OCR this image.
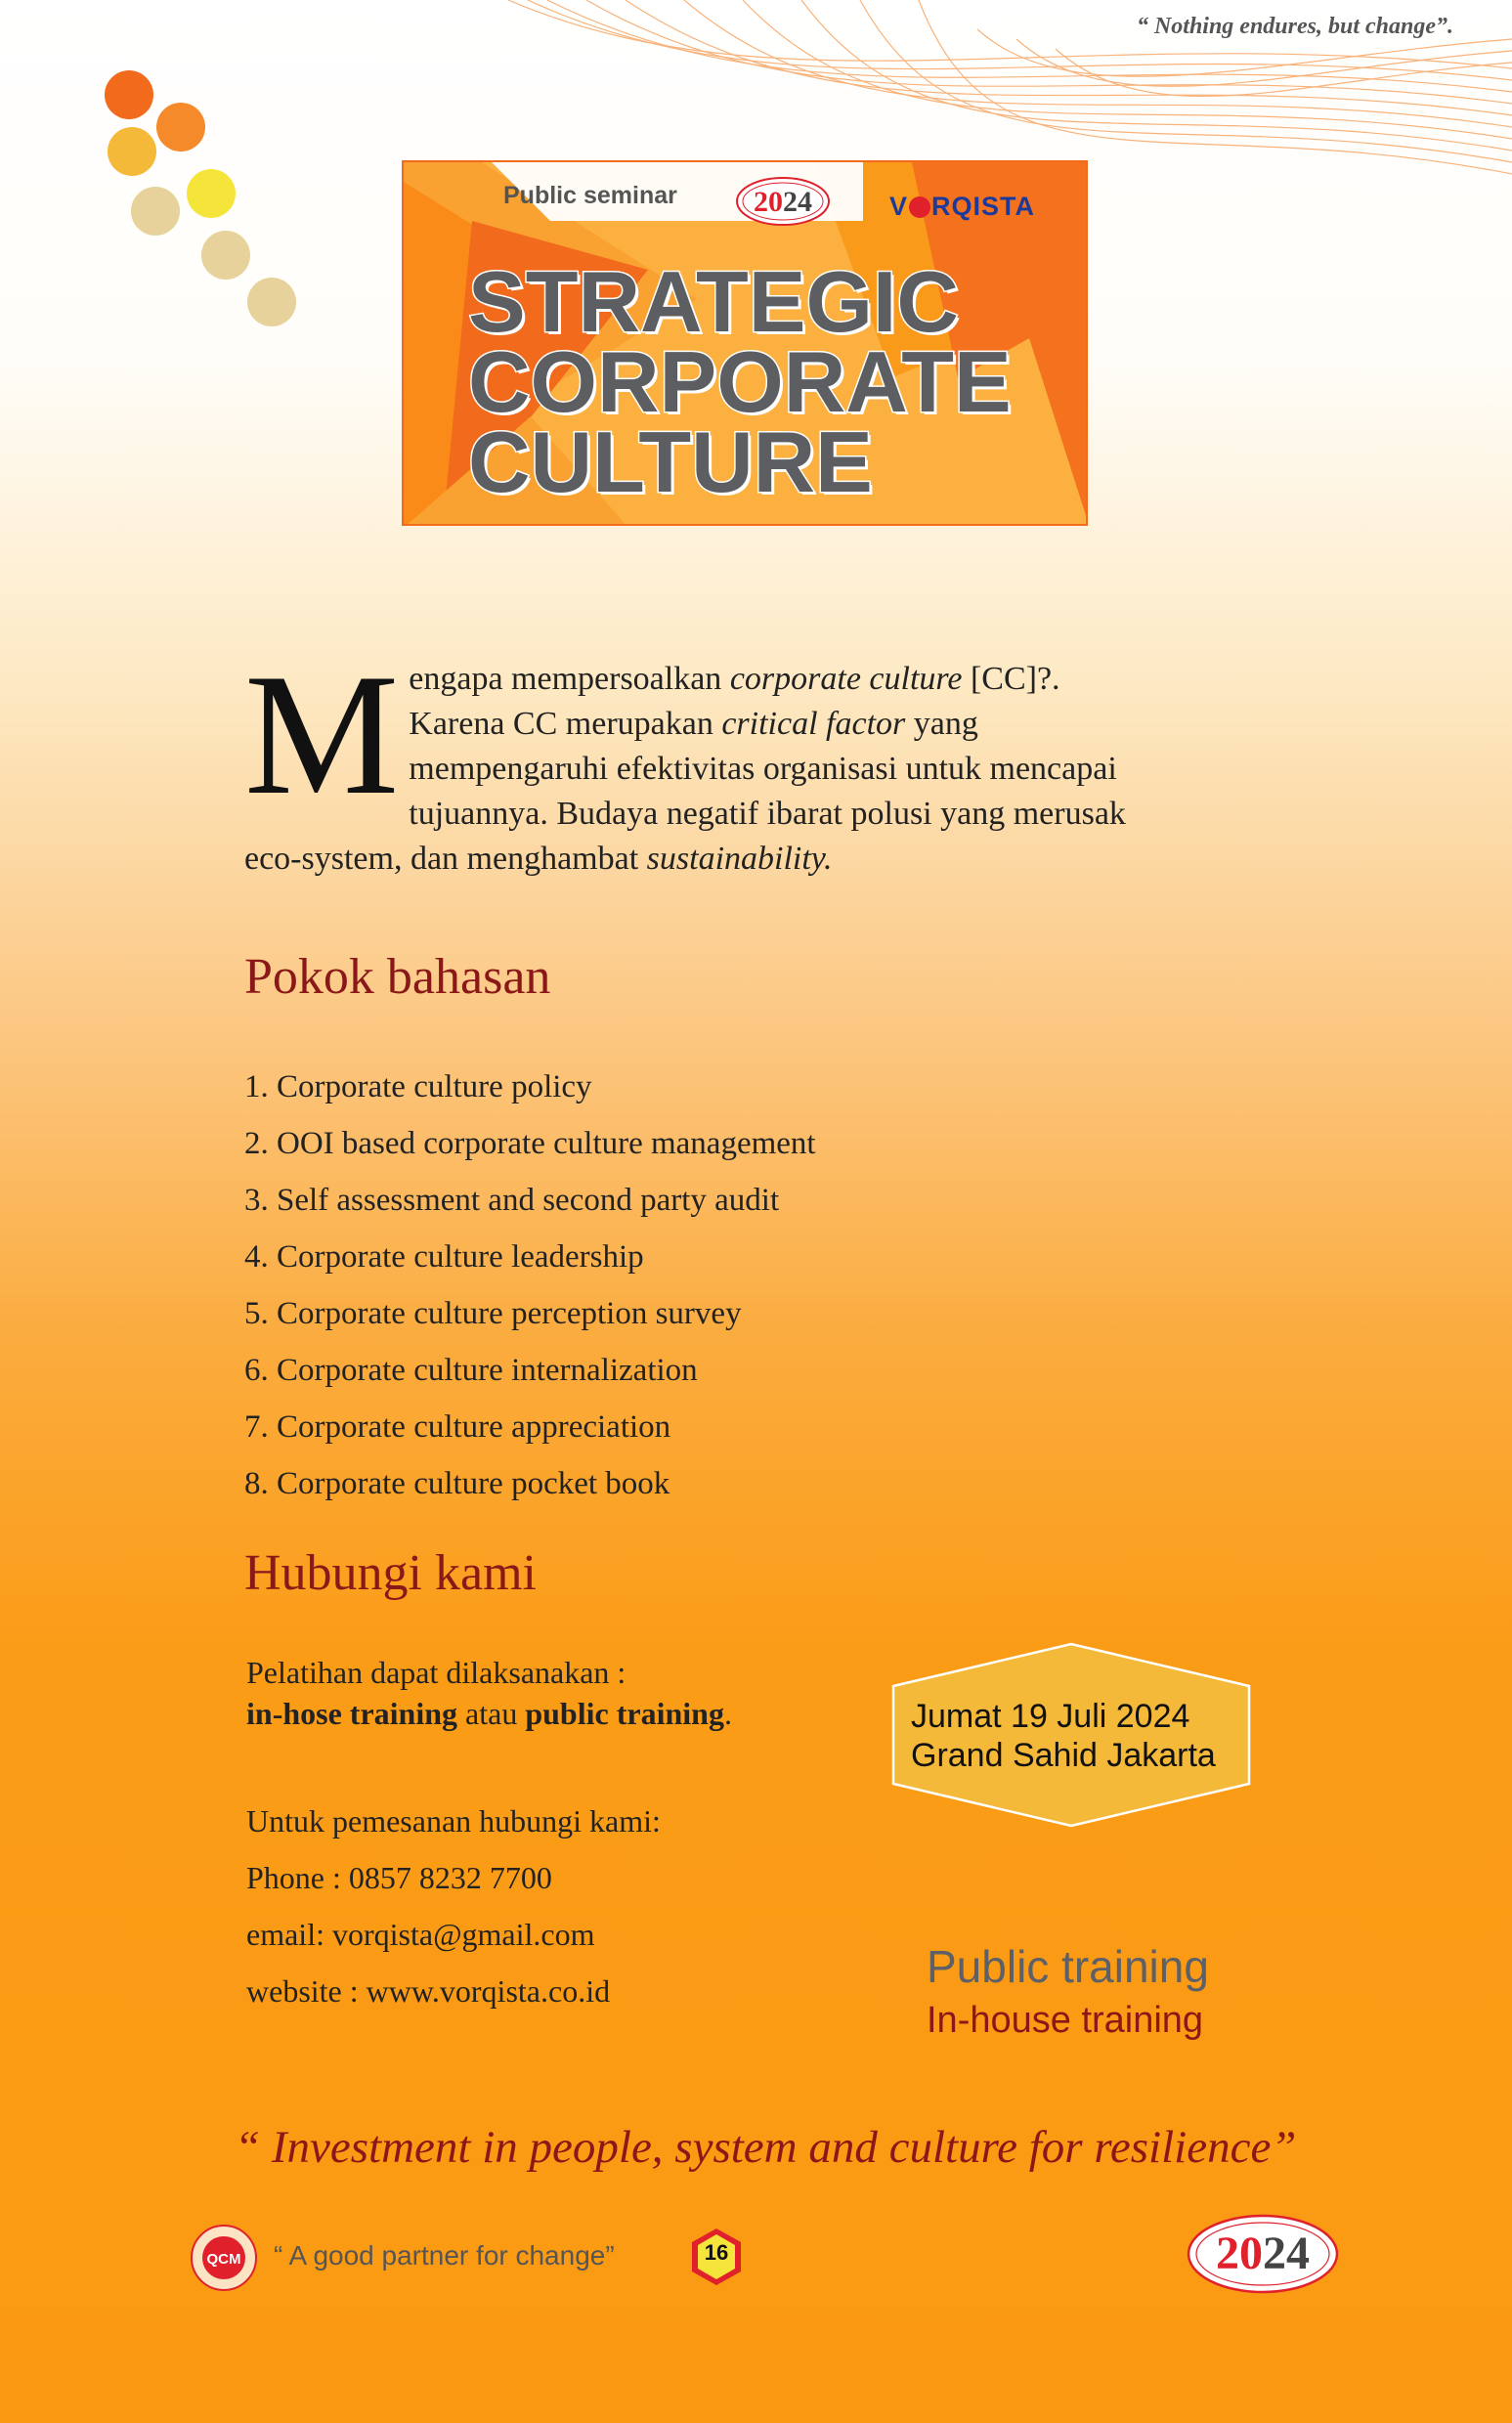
“ Nothing endures, but change”.
Public seminar	2024	V RQISTA
STRATEGIC
CORPORATE
CULTURE
Mengapa mempersoalkan corporate culture [CC]?. Karena CC merupakan critical factor yang mempengaruhi efektivitas organisasi untuk mencapai tujuannya. Budaya negatif ibarat polusi yang merusak eco-system, dan menghambat sustainability.
Pokok bahasan
1. Corporate culture policy
2. OOI based corporate culture management
3. Self assessment and second party audit
4. Corporate culture leadership
5. Corporate culture perception survey
6. Corporate culture internalization
7. Corporate culture appreciation
8. Corporate culture pocket book
Hubungi kami
Pelatihan dapat dilaksanakan :
in-hose training atau public training.
Untuk pemesanan hubungi kami:
Phone : 0857 8232 7700
email: vorqista@gmail.com
website : www.vorqista.co.id
Jumat 19 Juli 2024
Grand Sahid Jakarta
Public training
In-house training
“ Investment in people, system and culture for resilience”
QCM “ A good partner for change”	16	2024
